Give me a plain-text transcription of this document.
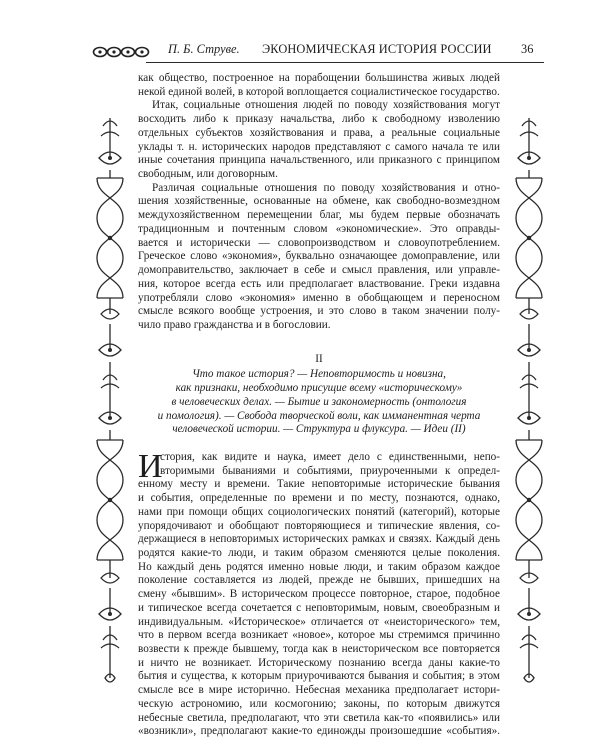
П. Б. Струве. ЭКОНОМИЧЕСКАЯ ИСТОРИЯ РОССИИ 36
как общество, построенное на порабощении большинства живых людей
некой единой волей, в которой воплощается социалистическое государство.
Итак, социальные отношения людей по поводу хозяйствования могут
восходить либо к приказу начальства, либо к свободному изволению
отдельных субъектов хозяйствования и права, а реальные социальные
уклады т. н. исторических народов представляют с самого начала те или
иные сочетания принципа начальственного, или приказного с принципом
свободным, или договорным.
Различая социальные отношения по поводу хозяйствования и отно-
шения хозяйственные, основанные на обмене, как свободно-возмездном
междухозяйственном перемещении благ, мы будем первые обозначать
традиционным и почтенным словом «экономические». Это оправды-
вается и исторически — словопроизводством и словоупотреблением.
Греческое слово «экономия», буквально означающее домоправление, или
домоправительство, заключает в себе и смысл правления, или управле-
ния, которое всегда есть или предполагает властвование. Греки издавна
употребляли слово «экономия» именно в обобщающем и переносном
смысле всякого вообще устроения, и это слово в таком значении полу-
чило право гражданства и в богословии.
II
Что такое история? — Неповторимость и новизна,
как признаки, необходимо присущие всему «историческому»
в человеческих делах. — Бытие и закономерность (онтология
и помология). — Свобода творческой воли, как имманентная черта
человеческой истории. — Структура и флуксура. — Идеи (II)
И
стория, как видите и наука, имеет дело с единственными, непо-
вторимыми бываниями и событиями, приуроченными к определ-
енному месту и времени. Такие неповторимые исторические бывания
и события, определенные по времени и по месту, познаются, однако,
нами при помощи общих социологических понятий (категорий), которые
упорядочивают и обобщают повторяющиеся и типические явления, со-
держащиеся в неповторимых исторических рамках и связях. Каждый день
родятся какие-то люди, и таким образом сменяются целые поколения.
Но каждый день родятся именно новые люди, и таким образом каждое
поколение составляется из людей, прежде не бывших, пришедших на
смену «бывшим». В историческом процессе повторное, старое, подобное
и типическое всегда сочетается с неповторимым, новым, своеобразным и
индивидуальным. «Историческое» отличается от «неисторического» тем,
что в первом всегда возникает «новое», которое мы стремимся причинно
возвести к прежде бывшему, тогда как в неисторическом все повторяется
и ничто не возникает. Историческому познанию всегда даны какие-то
бытия и существа, к которым приурочиваются бывания и события; в этом
смысле все в мире исторично. Небесная механика предполагает истори-
ческую астрономию, или космогонию; законы, по которым движутся
небесные светила, предполагают, что эти светила как-то «появились» или
«возникли», предполагают какие-то единожды произошедшие «события».
